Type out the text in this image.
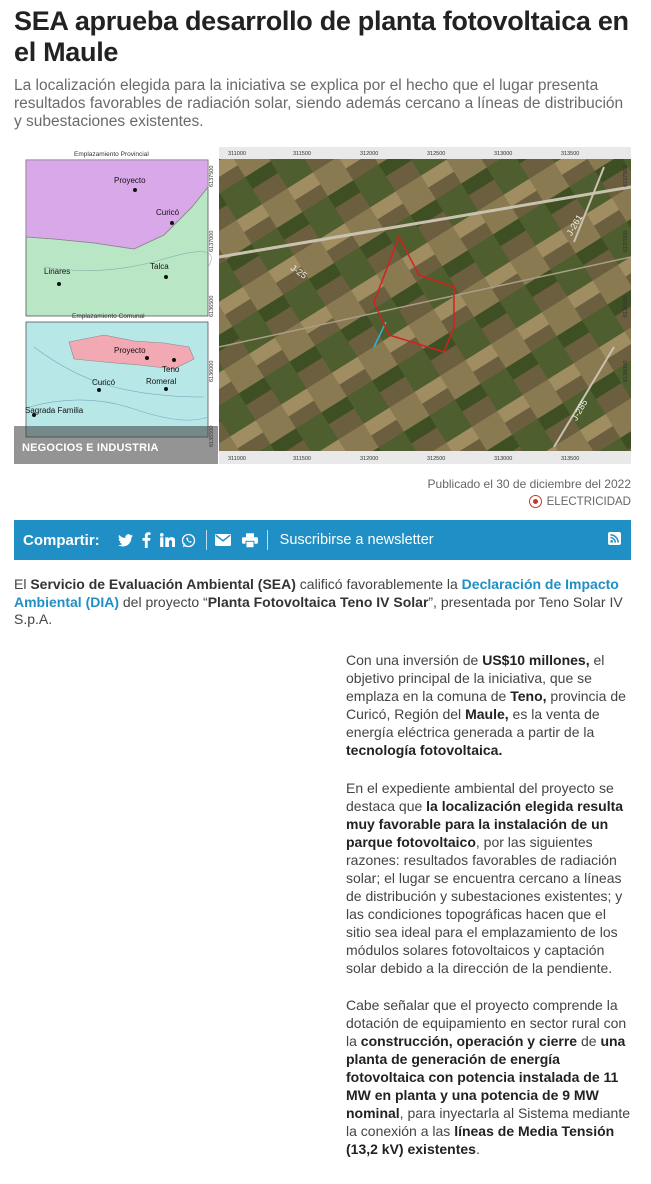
SEA aprueba desarrollo de planta fotovoltaica en el Maule

La localización elegida para la iniciativa se explica por el hecho que el lugar presenta resultados favorables de radiación solar, siendo además cercano a líneas de distribución y subestaciones existentes.

Emplazamiento Provincial
Proyecto
Curicó
Linares
Talca
Emplazamiento Comunal
Proyecto
Teno
Curicó	Romeral
Sagrada Familia
J-25
J-261
J-285
311000	311500	312000	312500	313000	313500
311000	311500	312000	312500	313000	313500
6137500
6137000
6136500
6136000
6137500
6137000
6136500
6136000
NEGOCIOS E INDUSTRIA
Publicado el 30 de diciembre del 2022
ELECTRICIDAD
Compartir:	Suscribirse a newsletter

El Servicio de Evaluación Ambiental (SEA) calificó favorablemente la Declaración de Impacto Ambiental (DIA) del proyecto “Planta Fotovoltaica Teno IV Solar”, presentada por Teno Solar IV S.p.A.

Con una inversión de US$10 millones, el objetivo principal de la iniciativa, que se emplaza en la comuna de Teno, provincia de Curicó, Región del Maule, es la venta de energía eléctrica generada a partir de la tecnología fotovoltaica.

En el expediente ambiental del proyecto se destaca que la localización elegida resulta muy favorable para la instalación de un parque fotovoltaico, por las siguientes razones: resultados favorables de radiación solar; el lugar se encuentra cercano a líneas de distribución y subestaciones existentes; y las condiciones topográficas hacen que el sitio sea ideal para el emplazamiento de los módulos solares fotovoltaicos y captación solar debido a la dirección de la pendiente.

Cabe señalar que el proyecto comprende la dotación de equipamiento en sector rural con la construcción, operación y cierre de una planta de generación de energía fotovoltaica con potencia instalada de 11 MW en planta y una potencia de 9 MW nominal, para inyectarla al Sistema mediante la conexión a las líneas de Media Tensión (13,2 kV) existentes.
